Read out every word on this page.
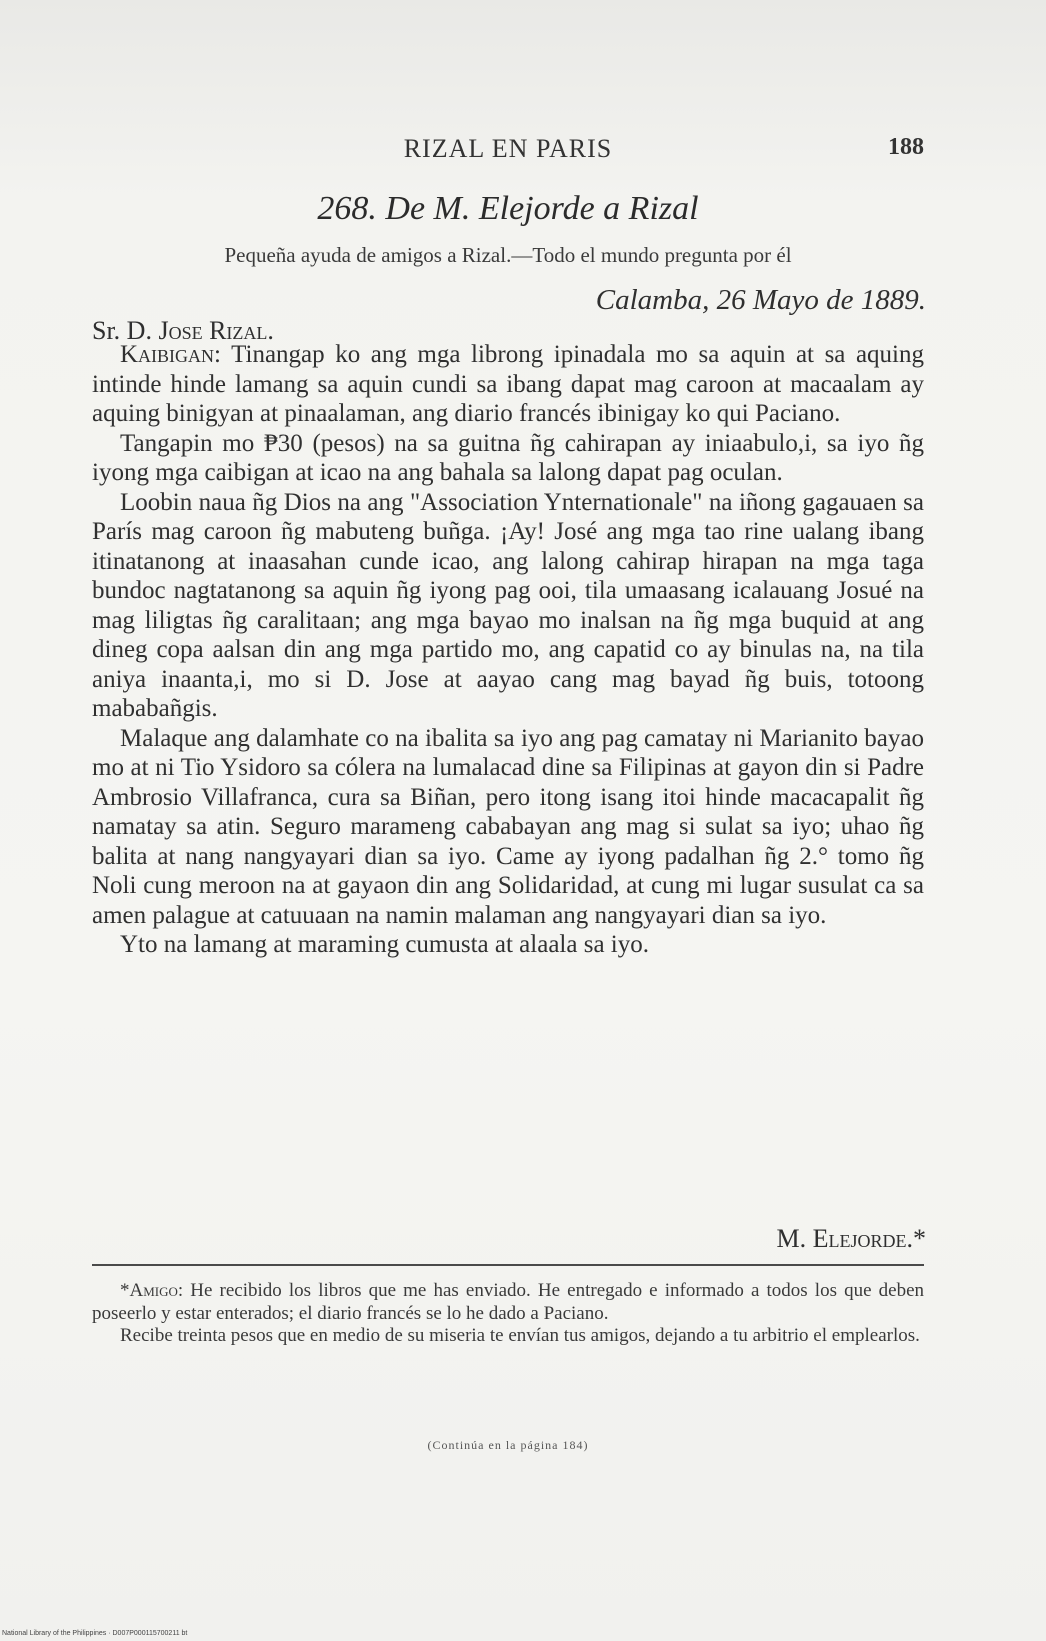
RIZAL EN PARIS	188
268. De M. Elejorde a Rizal
Pequeña ayuda de amigos a Rizal.—Todo el mundo pregunta por él
Calamba, 26 Mayo de 1889.
Sr. D. Jose Rizal.

Kaibigan: Tinangap ko ang mga librong ipinadala mo sa aquin at sa aquing intinde hinde lamang sa aquin cundi sa ibang dapat mag caroon at macaalam ay aquing binigyan at pinaalaman, ang diario francés ibinigay ko qui Paciano.

Tangapin mo ₱30 (pesos) na sa guitna ñg cahirapan ay iniaabulo,i, sa iyo ñg iyong mga caibigan at icao na ang bahala sa lalong dapat pag oculan.

Loobin naua ñg Dios na ang "Association Ynternationale" na iñong gagauaen sa París mag caroon ñg mabuteng buñga. ¡Ay! José ang mga tao rine ualang ibang itinatanong at inaasahan cunde icao, ang lalong cahirap hirapan na mga taga bundoc nagtatanong sa aquin ñg iyong pag ooi, tila umaasang icalauang Josué na mag liligtas ñg caralitaan; ang mga bayao mo inalsan na ñg mga buquid at ang dineg copa aalsan din ang mga partido mo, ang capatid co ay binulas na, na tila aniya inaanta,i, mo si D. Jose at aayao cang mag bayad ñg buis, totoong mababañgis.

Malaque ang dalamhate co na ibalita sa iyo ang pag camatay ni Marianito bayao mo at ni Tio Ysidoro sa cólera na lumalacad dine sa Filipinas at gayon din si Padre Ambrosio Villafranca, cura sa Biñan, pero itong isang itoi hinde macacapalit ñg namatay sa atin. Seguro marameng cababayan ang mag si sulat sa iyo; uhao ñg balita at nang nangyayari dian sa iyo. Came ay iyong padalhan ñg 2.° tomo ñg Noli cung meroon na at gayaon din ang Solidaridad, at cung mi lugar susulat ca sa amen palague at catuuaan na namin malaman ang nangyayari dian sa iyo.

Yto na lamang at maraming cumusta at alaala sa iyo.

M. Elejorde.*

*Amigo: He recibido los libros que me has enviado. He entregado e informado a todos los que deben poseerlo y estar enterados; el diario francés se lo he dado a Paciano.

Recibe treinta pesos que en medio de su miseria te envían tus amigos, dejando a tu arbitrio el emplearlos.

(Continúa en la página 184)
National Library of the Philippines · D007P000115700211 bt
